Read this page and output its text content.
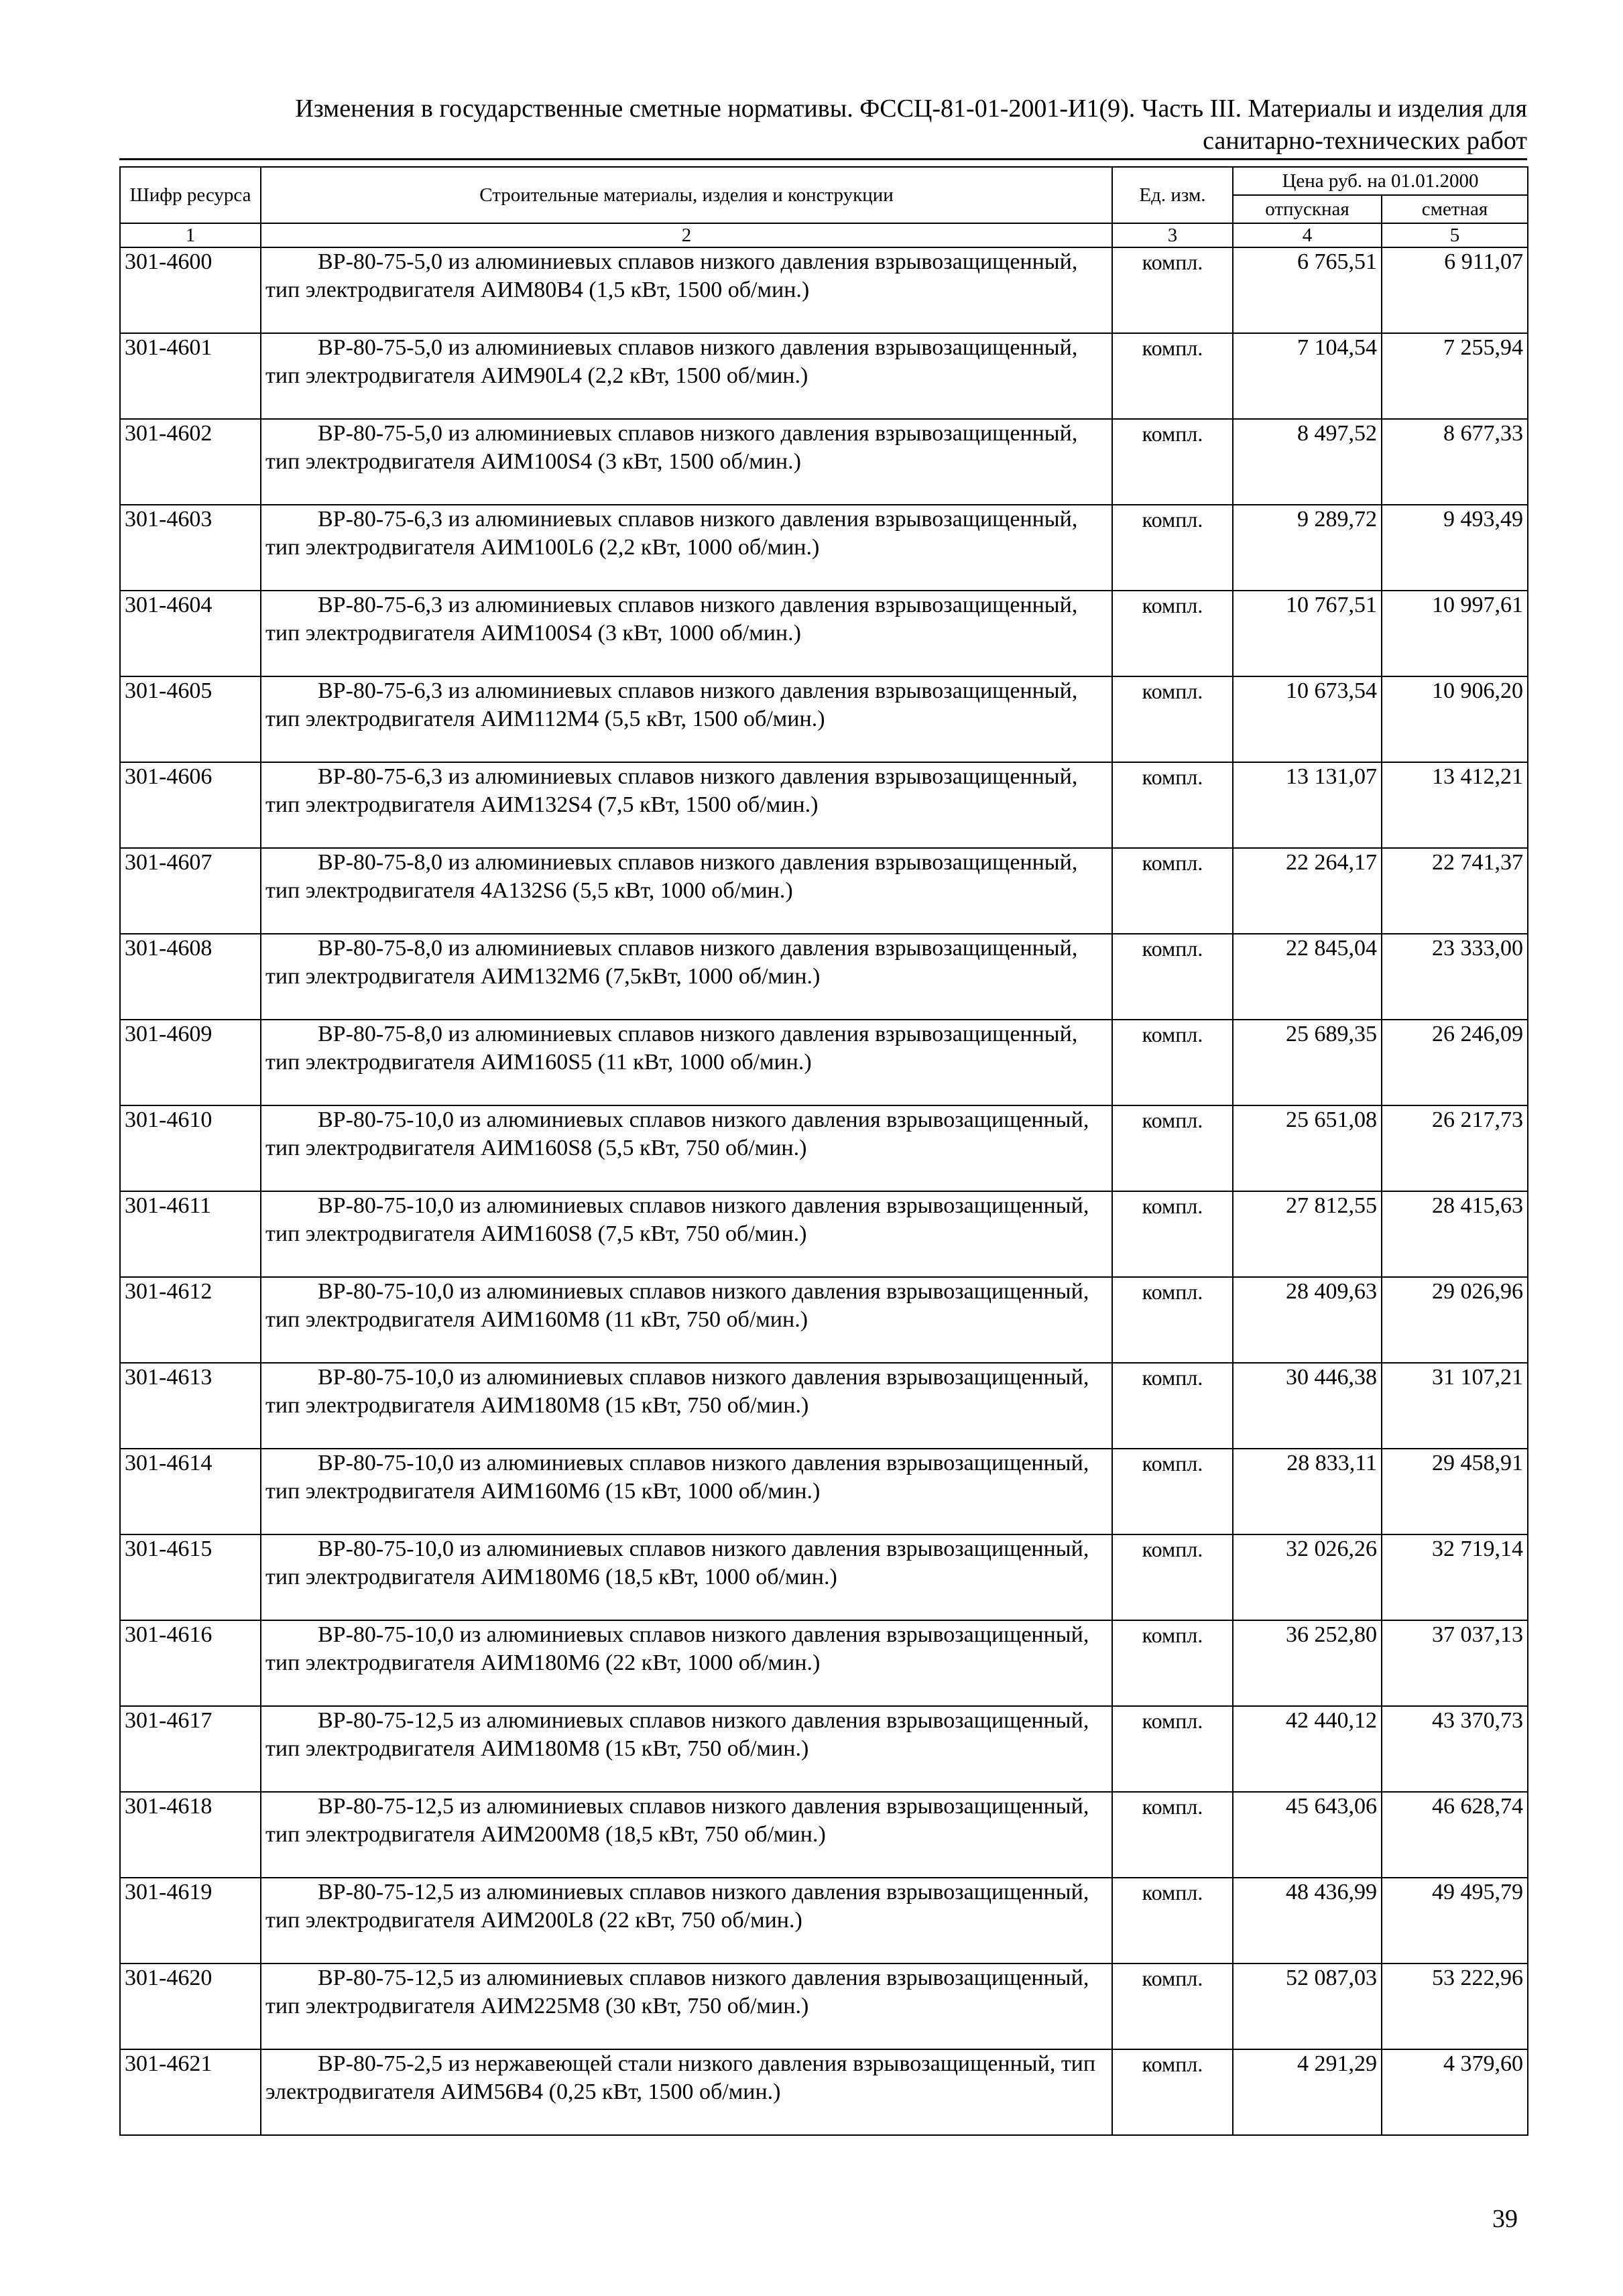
Изменения в государственные сметные нормативы. ФССЦ-81-01-2001-И1(9). Часть III. Материалы и изделия для
санитарно-технических работ
Шифр ресурса	Строительные материалы, изделия и конструкции	Ед. изм.	Цена руб. на 01.01.2000	
			отпускная	сметная
1	2	3	4	5
301-4600	ВР-80-75-5,0 из алюминиевых сплавов низкого давления взрывозащищенный, тип электродвигателя АИМ80В4 (1,5 кВт, 1500 об/мин.)	компл.	6 765,51	6 911,07
301-4601	ВР-80-75-5,0 из алюминиевых сплавов низкого давления взрывозащищенный, тип электродвигателя АИМ90L4 (2,2 кВт, 1500 об/мин.)	компл.	7 104,54	7 255,94
301-4602	ВР-80-75-5,0 из алюминиевых сплавов низкого давления взрывозащищенный, тип электродвигателя АИМ100S4 (3 кВт, 1500 об/мин.)	компл.	8 497,52	8 677,33
301-4603	ВР-80-75-6,3 из алюминиевых сплавов низкого давления взрывозащищенный, тип электродвигателя АИМ100L6 (2,2 кВт, 1000 об/мин.)	компл.	9 289,72	9 493,49
301-4604	ВР-80-75-6,3 из алюминиевых сплавов низкого давления взрывозащищенный, тип электродвигателя АИМ100S4 (3 кВт, 1000 об/мин.)	компл.	10 767,51	10 997,61
301-4605	ВР-80-75-6,3 из алюминиевых сплавов низкого давления взрывозащищенный, тип электродвигателя АИМ112М4 (5,5 кВт, 1500 об/мин.)	компл.	10 673,54	10 906,20
301-4606	ВР-80-75-6,3 из алюминиевых сплавов низкого давления взрывозащищенный, тип электродвигателя АИМ132S4 (7,5 кВт, 1500 об/мин.)	компл.	13 131,07	13 412,21
301-4607	ВР-80-75-8,0 из алюминиевых сплавов низкого давления взрывозащищенный, тип электродвигателя 4А132S6 (5,5 кВт, 1000 об/мин.)	компл.	22 264,17	22 741,37
301-4608	ВР-80-75-8,0 из алюминиевых сплавов низкого давления взрывозащищенный, тип электродвигателя АИМ132М6 (7,5кВт, 1000 об/мин.)	компл.	22 845,04	23 333,00
301-4609	ВР-80-75-8,0 из алюминиевых сплавов низкого давления взрывозащищенный, тип электродвигателя АИМ160S5 (11 кВт, 1000 об/мин.)	компл.	25 689,35	26 246,09
301-4610	ВР-80-75-10,0 из алюминиевых сплавов низкого давления взрывозащищенный, тип электродвигателя АИМ160S8 (5,5 кВт, 750 об/мин.)	компл.	25 651,08	26 217,73
301-4611	ВР-80-75-10,0 из алюминиевых сплавов низкого давления взрывозащищенный, тип электродвигателя АИМ160S8 (7,5 кВт, 750 об/мин.)	компл.	27 812,55	28 415,63
301-4612	ВР-80-75-10,0 из алюминиевых сплавов низкого давления взрывозащищенный, тип электродвигателя АИМ160М8 (11 кВт, 750 об/мин.)	компл.	28 409,63	29 026,96
301-4613	ВР-80-75-10,0 из алюминиевых сплавов низкого давления взрывозащищенный, тип электродвигателя АИМ180М8 (15 кВт, 750 об/мин.)	компл.	30 446,38	31 107,21
301-4614	ВР-80-75-10,0 из алюминиевых сплавов низкого давления взрывозащищенный, тип электродвигателя АИМ160М6 (15 кВт, 1000 об/мин.)	компл.	28 833,11	29 458,91
301-4615	ВР-80-75-10,0 из алюминиевых сплавов низкого давления взрывозащищенный, тип электродвигателя АИМ180М6 (18,5 кВт, 1000 об/мин.)	компл.	32 026,26	32 719,14
301-4616	ВР-80-75-10,0 из алюминиевых сплавов низкого давления взрывозащищенный, тип электродвигателя АИМ180М6 (22 кВт, 1000 об/мин.)	компл.	36 252,80	37 037,13
301-4617	ВР-80-75-12,5 из алюминиевых сплавов низкого давления взрывозащищенный, тип электродвигателя АИМ180М8 (15 кВт, 750 об/мин.)	компл.	42 440,12	43 370,73
301-4618	ВР-80-75-12,5 из алюминиевых сплавов низкого давления взрывозащищенный, тип электродвигателя АИМ200М8 (18,5 кВт, 750 об/мин.)	компл.	45 643,06	46 628,74
301-4619	ВР-80-75-12,5 из алюминиевых сплавов низкого давления взрывозащищенный, тип электродвигателя АИМ200L8 (22 кВт, 750 об/мин.)	компл.	48 436,99	49 495,79
301-4620	ВР-80-75-12,5 из алюминиевых сплавов низкого давления взрывозащищенный, тип электродвигателя АИМ225М8 (30 кВт, 750 об/мин.)	компл.	52 087,03	53 222,96
301-4621	ВР-80-75-2,5 из нержавеющей стали низкого давления взрывозащищенный, тип электродвигателя АИМ56В4 (0,25 кВт, 1500 об/мин.)	компл.	4 291,29	4 379,60
39
